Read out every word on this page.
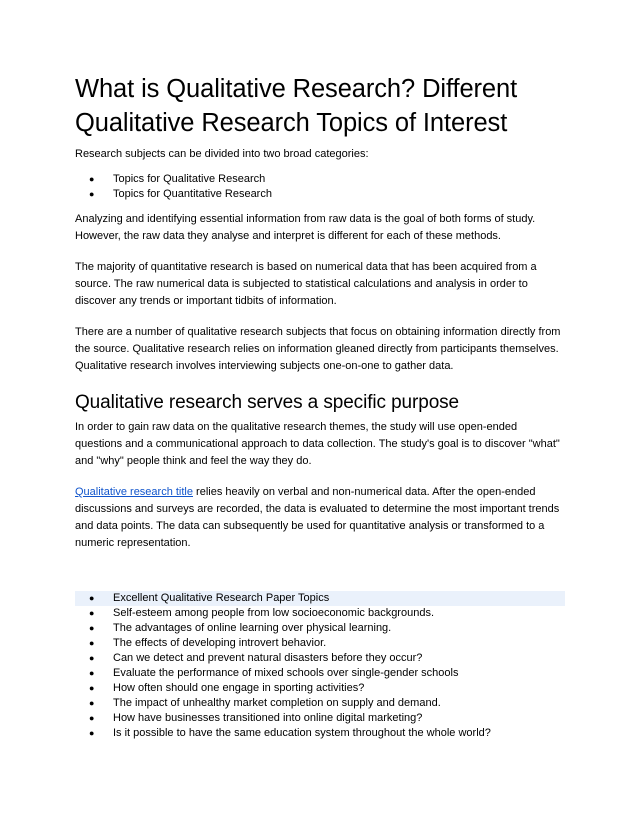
What is Qualitative Research? Different Qualitative Research Topics of Interest

Research subjects can be divided into two broad categories:

● Topics for Qualitative Research
● Topics for Quantitative Research

Analyzing and identifying essential information from raw data is the goal of both forms of study. However, the raw data they analyse and interpret is different for each of these methods.

The majority of quantitative research is based on numerical data that has been acquired from a source. The raw numerical data is subjected to statistical calculations and analysis in order to discover any trends or important tidbits of information.

There are a number of qualitative research subjects that focus on obtaining information directly from the source. Qualitative research relies on information gleaned directly from participants themselves. Qualitative research involves interviewing subjects one-on-one to gather data.

Qualitative research serves a specific purpose

In order to gain raw data on the qualitative research themes, the study will use open-ended questions and a communicational approach to data collection. The study's goal is to discover "what" and "why" people think and feel the way they do.

Qualitative research title relies heavily on verbal and non-numerical data. After the open-ended discussions and surveys are recorded, the data is evaluated to determine the most important trends and data points. The data can subsequently be used for quantitative analysis or transformed to a numeric representation.

● Excellent Qualitative Research Paper Topics
● Self-esteem among people from low socioeconomic backgrounds.
● The advantages of online learning over physical learning.
● The effects of developing introvert behavior.
● Can we detect and prevent natural disasters before they occur?
● Evaluate the performance of mixed schools over single-gender schools
● How often should one engage in sporting activities?
● The impact of unhealthy market completion on supply and demand.
● How have businesses transitioned into online digital marketing?
● Is it possible to have the same education system throughout the whole world?
